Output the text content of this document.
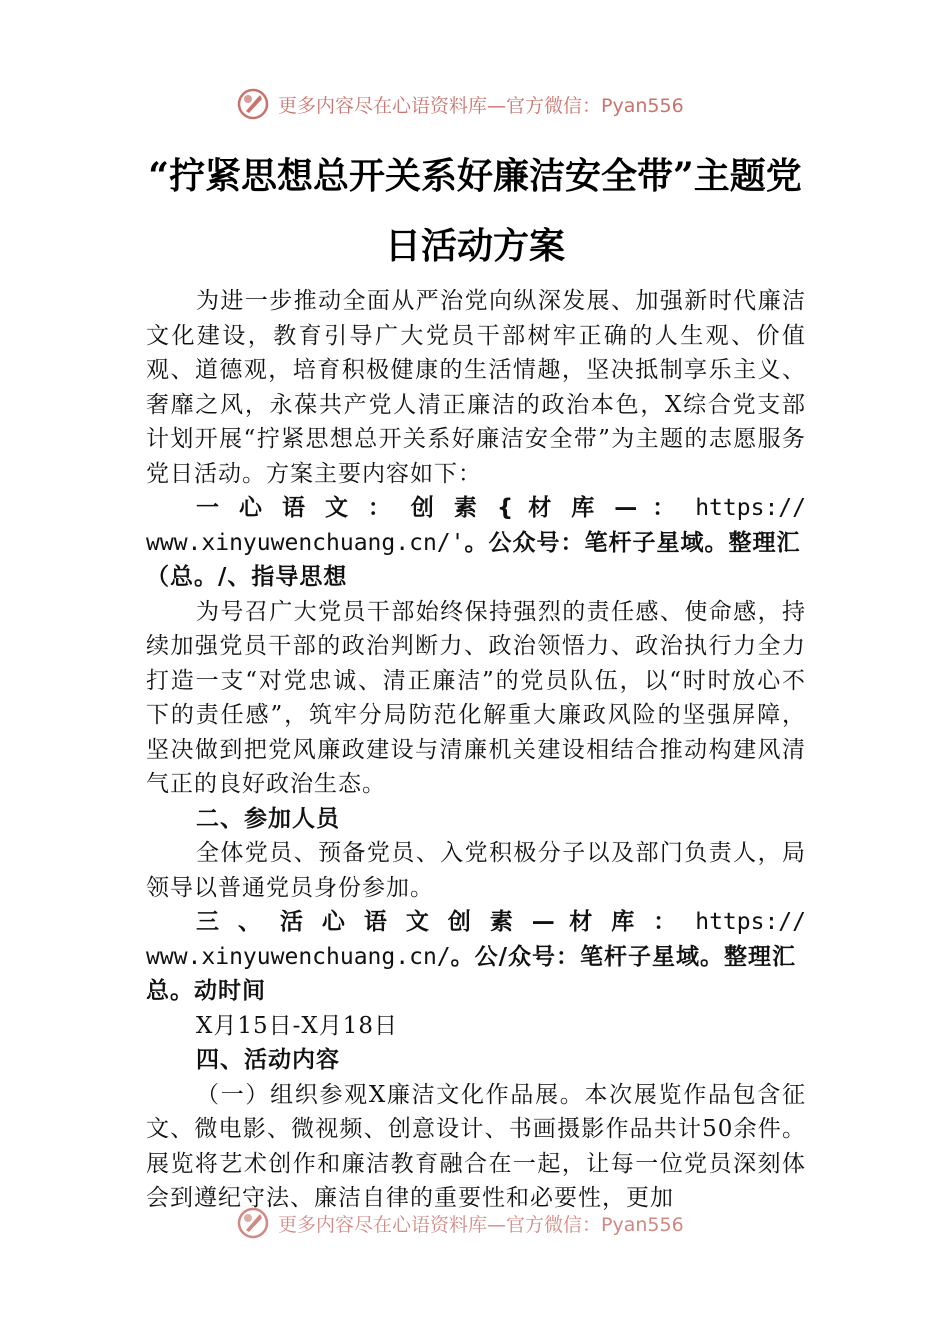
更多内容尽在心语资料库—官方微信：Pyan556
“拧紧思想总开关系好廉洁安全带”主题党
日活动方案

为进一步推动全面从严治党向纵深发展、加强新时代廉洁文化建设，教育引导广大党员干部树牢正确的人生观、价值观、道德观，培育积极健康的生活情趣，坚决抵制享乐主义、奢靡之风，永葆共产党人清正廉洁的政治本色，X综合党支部计划开展“拧紧思想总开关系好廉洁安全带”为主题的志愿服务党日活动。方案主要内容如下：

一 心 语 文 ： 创 素 { 材 库 — ： https://

www.xinyuwenchuang.cn/'。公众号：笔杆子星域。整理汇

（总。/、指导思想

为号召广大党员干部始终保持强烈的责任感、使命感，持续加强党员干部的政治判断力、政治领悟力、政治执行力全力打造一支“对党忠诚、清正廉洁”的党员队伍，以“时时放心不下的责任感”，筑牢分局防范化解重大廉政风险的坚强屏障，坚决做到把党风廉政建设与清廉机关建设相结合推动构建风清气正的良好政治生态。

二、参加人员

全体党员、预备党员、入党积极分子以及部门负责人，局领导以普通党员身份参加。

三 、 活 心 语 文 创 素 — 材 库 ： https://

www.xinyuwenchuang.cn/。公/众号：笔杆子星域。整理汇

总。动时间

X月15日-X月18日

四、活动内容

（一）组织参观X廉洁文化作品展。本次展览作品包含征文、微电影、微视频、创意设计、书画摄影作品共计50余件。展览将艺术创作和廉洁教育融合在一起，让每一位党员深刻体会到遵纪守法、廉洁自律的重要性和必要性，更加

更多内容尽在心语资料库—官方微信：Pyan556
